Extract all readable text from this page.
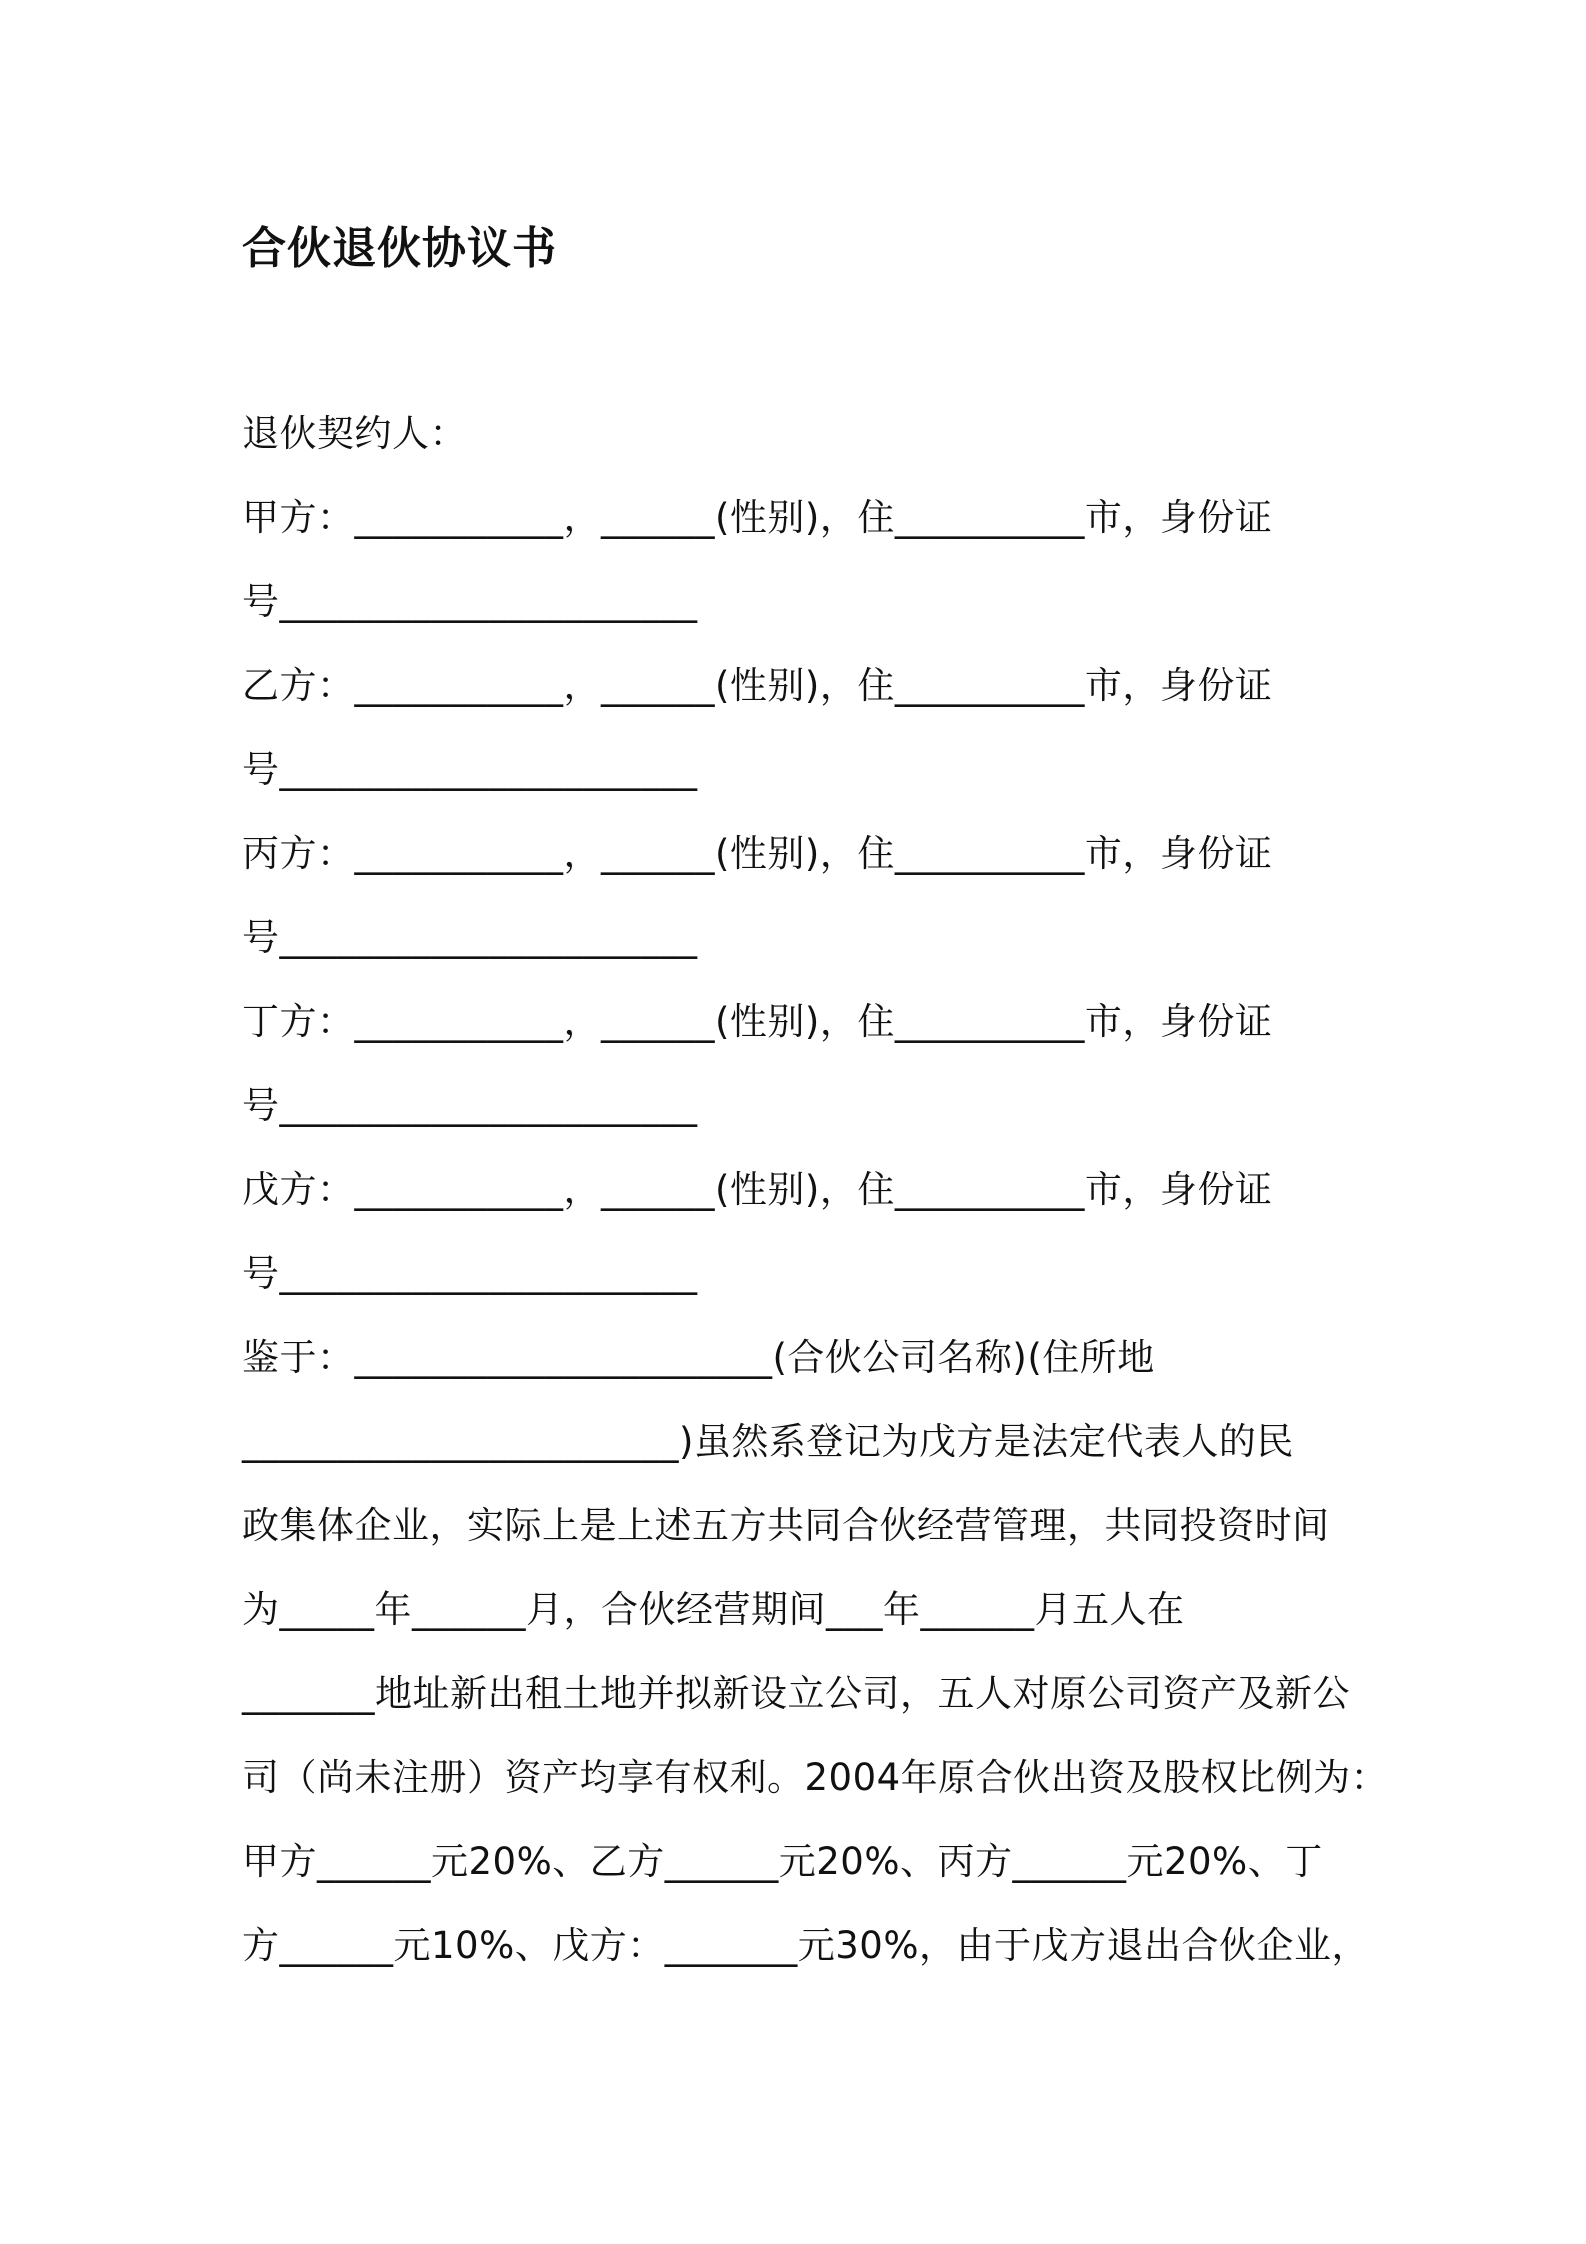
合伙退伙协议书
退伙契约人：
甲方：___________，______(性别)，住__________市，身份证
号______________________
乙方：___________，______(性别)，住__________市，身份证
号______________________
丙方：___________，______(性别)，住__________市，身份证
号______________________
丁方：___________，______(性别)，住__________市，身份证
号______________________
戊方：___________，______(性别)，住__________市，身份证
号______________________
鉴于：______________________(合伙公司名称)(住所地
_______________________)虽然系登记为戊方是法定代表人的民
政集体企业，实际上是上述五方共同合伙经营管理，共同投资时间
为_____年______月，合伙经营期间___年______月五人在
_______地址新出租土地并拟新设立公司，五人对原公司资产及新公
司（尚未注册）资产均享有权利。2004年原合伙出资及股权比例为：
甲方______元20%、乙方______元20%、丙方______元20%、丁
方______元10%、戊方：_______元30%，由于戊方退出合伙企业，
